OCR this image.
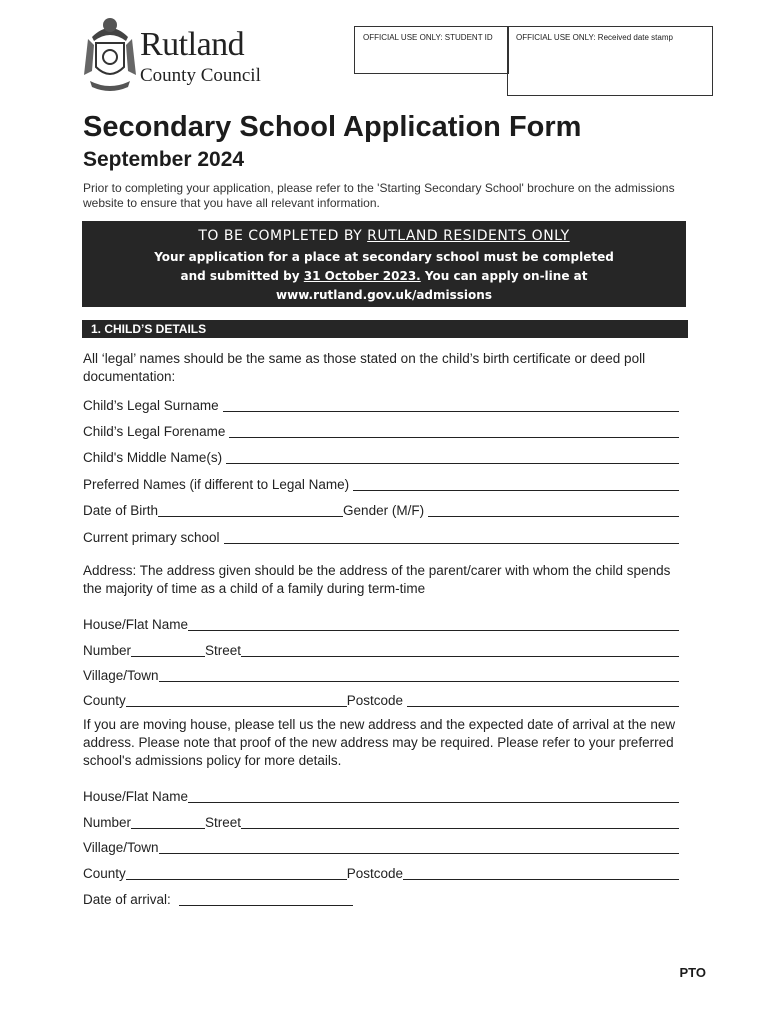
Rutland
County Council
OFFICIAL USE ONLY: STUDENT ID	OFFICIAL USE ONLY: Received date stamp
Secondary School Application Form
September 2024
Prior to completing your application, please refer to the 'Starting Secondary School' brochure on the admissions website to ensure that you have all relevant information.
TO BE COMPLETED BY RUTLAND RESIDENTS ONLY
Your application for a place at secondary school must be completed
and submitted by 31 October 2023. You can apply on-line at
www.rutland.gov.uk/admissions
1. CHILD’S DETAILS
All ‘legal’ names should be the same as those stated on the child’s birth certificate or deed poll documentation:
Child’s Legal Surname
Child’s Legal Forename
Child's Middle Name(s)
Preferred Names (if different to Legal Name)
Date of Birth	Gender (M/F)
Current primary school
Address: The address given should be the address of the parent/carer with whom the child spends the majority of time as a child of a family during term-time
House/Flat Name
Number	Street
Village/Town
County	Postcode
If you are moving house, please tell us the new address and the expected date of arrival at the new address. Please note that proof of the new address may be required. Please refer to your preferred school's admissions policy for more details.
House/Flat Name
Number	Street
Village/Town
County	Postcode
Date of arrival:
PTO
